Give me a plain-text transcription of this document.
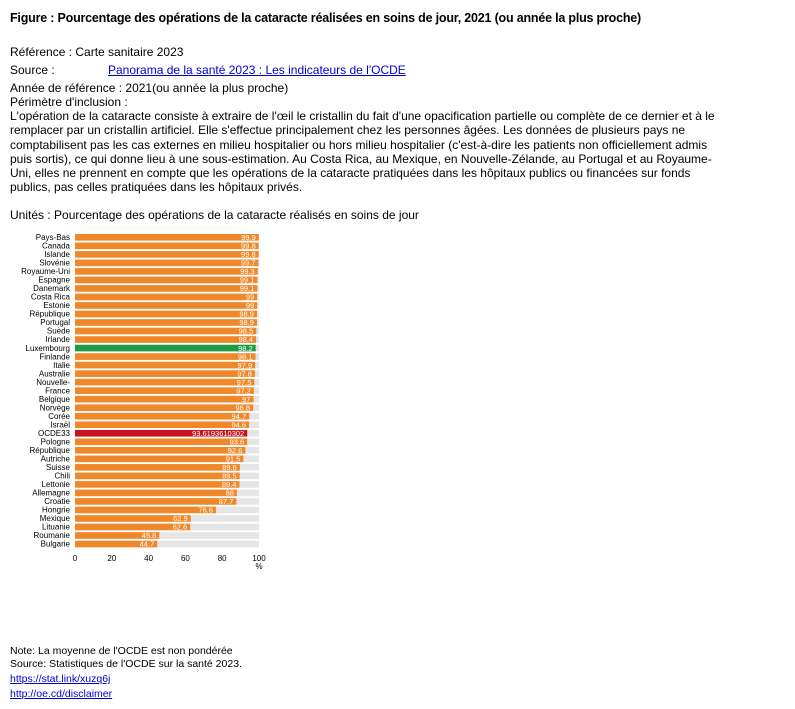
Figure : Pourcentage des opérations de la cataracte réalisées en soins de jour, 2021 (ou année la plus proche)
Référence : Carte sanitaire 2023
Source :	Panorama de la santé 2023 : Les indicateurs de l'OCDE
Année de référence : 2021(ou année la plus proche)
Périmètre d'inclusion :
L'opération de la cataracte consiste à extraire de l'œil le cristallin du fait d'une opacification partielle ou complète de ce dernier et à le remplacer par un cristallin artificiel. Elle s'effectue principalement chez les personnes âgées. Les données de plusieurs pays ne comptabilisent pas les cas externes en milieu hospitalier ou hors milieu hospitalier (c'est-à-dire les patients non officiellement admis puis sortis), ce qui donne lieu à une sous-estimation. Au Costa Rica, au Mexique, en Nouvelle-Zélande, au Portugal et au Royaume-Uni, elles ne prennent en compte que les opérations de la cataracte pratiquées dans les hôpitaux publics ou financées sur fonds publics, pas celles pratiquées dans les hôpitaux privés.
Unités : Pourcentage des opérations de la cataracte réalisés en soins de jour
Pays-Bas	99.9
Canada	99.8
Islande	99.8
Slovénie	99.7
Royaume-Uni	99.3
Espagne	99.1
Danemark	99.1
Costa Rica	99
Estonie	99
République	98.9
Portugal	98.9
Suède	98.5
Irlande	98.4
Luxembourg	98.2
Finlande	98.1
Italie	97.9
Australie	97.8
Nouvelle-	97.5
France	97.2
Belgique	97
Norvège	96.8
Corée	94.7
Israël	94.6
OCDE33	93.6193610302
Pologne	93.6
République	92.6
Autriche	91.5
Suisse	89.6
Chili	89.5
Lettonie	89.4
Allemagne	88
Croatie	87.7
Hongrie	76.6
Mexique	62.9
Lituanie	62.6
Roumanie	45.8
Bulgarie	44.7
0	20	40	60	80	100
%
Note: La moyenne de l'OCDE est non pondérée
Source: Statistiques de l'OCDE sur la santé 2023.
https://stat.link/xuzq6j
http://oe.cd/disclaimer
